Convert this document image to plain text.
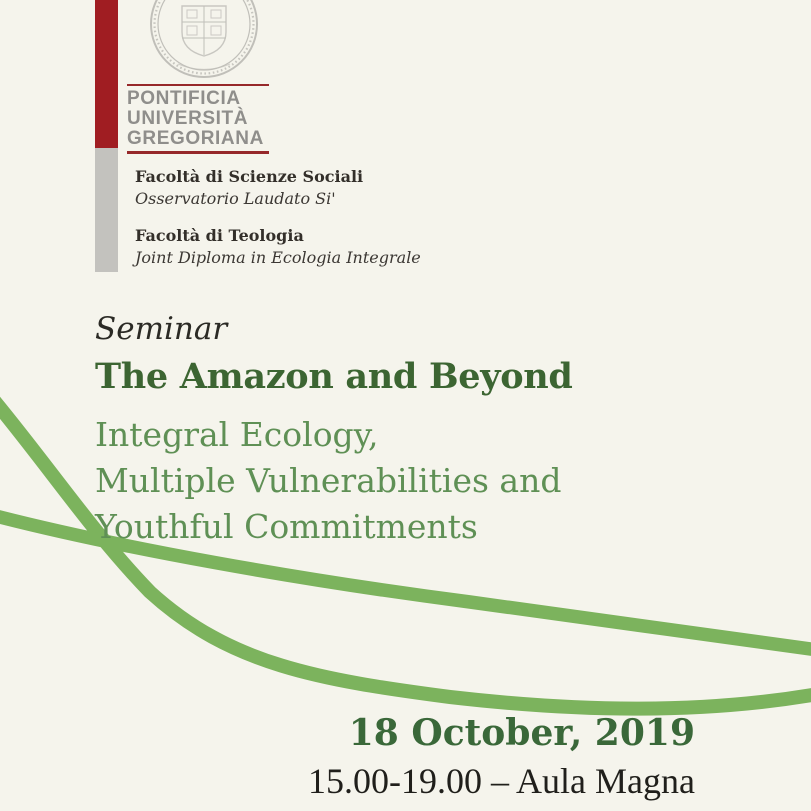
PONTIFICIA
UNIVERSITÀ
GREGORIANA
Facoltà di Scienze Sociali
Osservatorio Laudato Si'
Facoltà di Teologia
Joint Diploma in Ecologia Integrale
Seminar
The Amazon and Beyond
Integral Ecology,
Multiple Vulnerabilities and
Youthful Commitments
18 October, 2019
15.00-19.00 – Aula Magna
